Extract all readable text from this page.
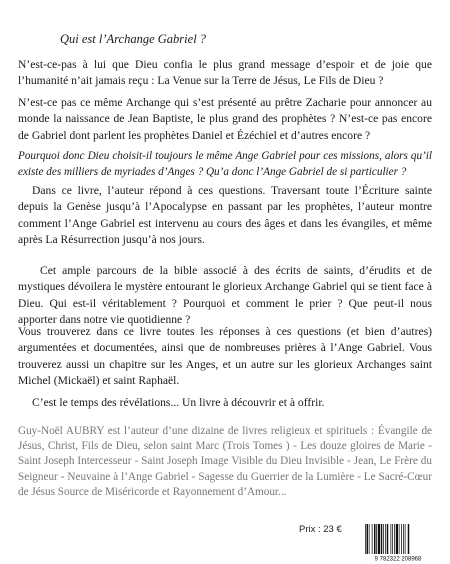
Qui est l’Archange Gabriel ?

N’est-ce-pas à lui que Dieu confia le plus grand message d’espoir et de joie que l’humanité n’ait jamais reçu : La Venue sur la Terre de Jésus, Le Fils de Dieu ?

N’est-ce pas ce même Archange qui s’est présenté au prêtre Zacharie pour annoncer au monde la naissance de Jean Baptiste, le plus grand des prophètes ? N’est-ce pas encore de Gabriel dont parlent les prophètes Daniel et Ézéchiel et d’autres encore ?

Pourquoi donc Dieu choisit-il toujours le même Ange Gabriel pour ces missions, alors qu’il existe des milliers de myriades d’Anges ? Qu’a donc l’Ange Gabriel de si particulier ?

Dans ce livre, l’auteur répond à ces questions. Traversant toute l’Écriture sainte depuis la Genèse jusqu’à l’Apocalypse en passant par les prophètes, l’auteur montre comment l’Ange Gabriel est intervenu au cours des âges et dans les évangiles, et même après La Résurrection jusqu’à nos jours.

Cet ample parcours de la bible associé à des écrits de saints, d’érudits et de mystiques dévoilera le mystère entourant le glorieux Archange Gabriel qui se tient face à Dieu. Qui est-il véritablement ? Pourquoi et comment le prier ? Que peut-il nous apporter dans notre vie quotidienne ?

Vous trouverez dans ce livre toutes les réponses à ces questions (et bien d’autres) argumentées et documentées, ainsi que de nombreuses prières à l’Ange Gabriel. Vous trouverez aussi un chapitre sur les Anges, et un autre sur les glorieux Archanges saint Michel (Mickaël) et saint Raphaël.

C’est le temps des révélations... Un livre à découvrir et à offrir.

Guy-Noël AUBRY est l’auteur d’une dizaine de livres religieux et spirituels : Évangile de Jésus, Christ, Fils de Dieu, selon saint Marc (Trois Tomes ) - Les douze gloires de Marie - Saint Joseph Intercesseur - Saint Joseph Image Visible du Dieu Invisible - Jean, Le Frère du Seigneur - Neuvaine à l’Ange Gabriel - Sagesse du Guerrier de la Lumière - Le Sacré-Cœur de Jésus Source de Miséricorde et Rayonnement d’Amour...

Prix : 23 €
9 782322 208968
